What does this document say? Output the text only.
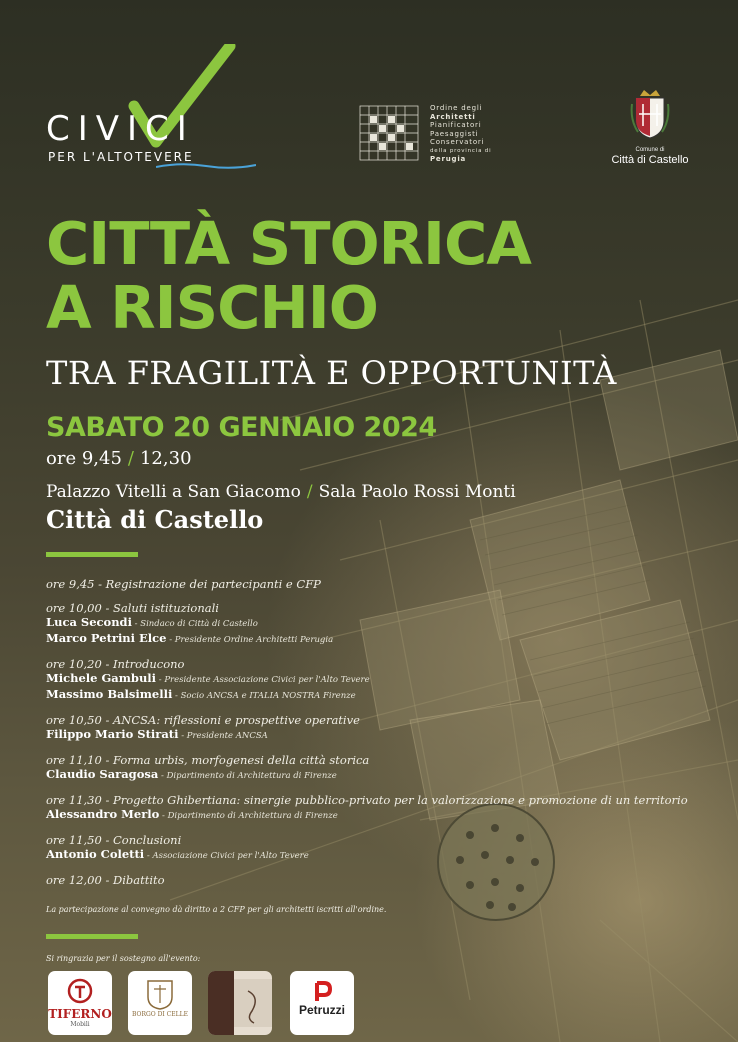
CIVICI
PER L'ALTOTEVERE
Ordine degli
Architetti
Pianificatori
Paesaggisti
Conservatori
della provincia di
Perugia
Comune di
Città di Castello
CITTÀ STORICA
A RISCHIO
TRA FRAGILITÀ E OPPORTUNITÀ
SABATO 20 GENNAIO 2024
ore 9,45 / 12,30
Palazzo Vitelli a San Giacomo / Sala Paolo Rossi Monti
Città di Castello
ore 9,45 - Registrazione dei partecipanti e CFP
ore 10,00 - Saluti istituzionali
Luca Secondi - Sindaco di Città di Castello
Marco Petrini Elce - Presidente Ordine Architetti Perugia
ore 10,20 - Introducono
Michele Gambuli - Presidente Associazione Civici per l'Alto Tevere
Massimo Balsimelli - Socio ANCSA e ITALIA NOSTRA Firenze
ore 10,50 - ANCSA: riflessioni e prospettive operative
Filippo Mario Stirati - Presidente ANCSA
ore 11,10 - Forma urbis, morfogenesi della città storica
Claudio Saragosa - Dipartimento di Architettura di Firenze
ore 11,30 - Progetto Ghibertiana: sinergie pubblico-privato per la valorizzazione e promozione di un territorio
Alessandro Merlo - Dipartimento di Architettura di Firenze
ore 11,50 - Conclusioni
Antonio Coletti - Associazione Civici per l'Alto Tevere
ore 12,00 - Dibattito
La partecipazione al convegno dà diritto a 2 CFP per gli architetti iscritti all'ordine.
Si ringrazia per il sostegno all'evento:
TIFERNO
Mobili
BORGO DI CELLE	Petruzzi
